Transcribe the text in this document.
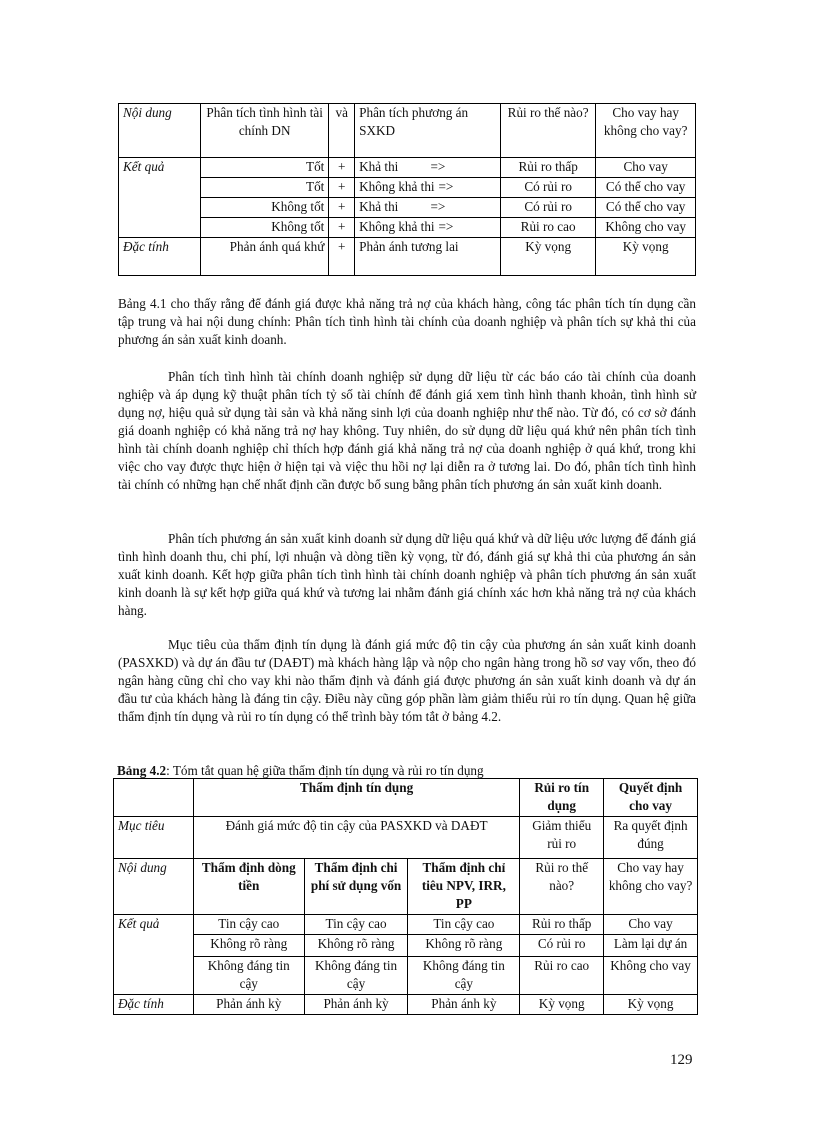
Nội dung	Phân tích tình hình tài chính DN	và	Phân tích phương án SXKD	Rủi ro thế nào?	Cho vay hay không cho vay?
Kết quả	Tốt	+	Khả thi =>	Rủi ro thấp	Cho vay
	Tốt	+	Không khả thi =>	Có rủi ro	Có thể cho vay
	Không tốt	+	Khả thi =>	Có rủi ro	Có thể cho vay
	Không tốt	+	Không khả thi =>	Rủi ro cao	Không cho vay
Đặc tính	Phản ánh quá khứ	+	Phản ánh tương lai	Kỳ vọng	Kỳ vọng

Bảng 4.1 cho thấy rằng để đánh giá được khả năng trả nợ của khách hàng, công tác phân tích tín dụng cần tập trung và hai nội dung chính: Phân tích tình hình tài chính của doanh nghiệp và phân tích sự khả thi của phương án sản xuất kinh doanh.

Phân tích tình hình tài chính doanh nghiệp sử dụng dữ liệu từ các báo cáo tài chính của doanh nghiệp và áp dụng kỹ thuật phân tích tỷ số tài chính để đánh giá xem tình hình thanh khoản, tình hình sử dụng nợ, hiệu quả sử dụng tài sản và khả năng sinh lợi của doanh nghiệp như thế nào. Từ đó, có cơ sở đánh giá doanh nghiệp có khả năng trả nợ hay không. Tuy nhiên, do sử dụng dữ liệu quá khứ nên phân tích tình hình tài chính doanh nghiệp chỉ thích hợp đánh giá khả năng trả nợ của doanh nghiệp ở quá khứ, trong khi việc cho vay được thực hiện ở hiện tại và việc thu hồi nợ lại diễn ra ở tương lai. Do đó, phân tích tình hình tài chính có những hạn chế nhất định cần được bổ sung bằng phân tích phương án sản xuất kinh doanh.

Phân tích phương án sản xuất kinh doanh sử dụng dữ liệu quá khứ và dữ liệu ước lượng để đánh giá tình hình doanh thu, chi phí, lợi nhuận và dòng tiền kỳ vọng, từ đó, đánh giá sự khả thi của phương án sản xuất kinh doanh. Kết hợp giữa phân tích tình hình tài chính doanh nghiệp và phân tích phương án sản xuất kinh doanh là sự kết hợp giữa quá khứ và tương lai nhằm đánh giá chính xác hơn khả năng trả nợ của khách hàng.

Mục tiêu của thẩm định tín dụng là đánh giá mức độ tin cậy của phương án sản xuất kinh doanh (PASXKD) và dự án đầu tư (DAĐT) mà khách hàng lập và nộp cho ngân hàng trong hồ sơ vay vốn, theo đó ngân hàng cũng chỉ cho vay khi nào thẩm định và đánh giá được phương án sản xuất kinh doanh và dự án đầu tư của khách hàng là đáng tin cậy. Điều này cũng góp phần làm giảm thiểu rủi ro tín dụng. Quan hệ giữa thẩm định tín dụng và rủi ro tín dụng có thể trình bày tóm tắt ở bảng 4.2.

Bảng 4.2: Tóm tắt quan hệ giữa thẩm định tín dụng và rủi ro tín dụng
	Thẩm định tín dụng			Rủi ro tín dụng	Quyết định cho vay
Mục tiêu	Đánh giá mức độ tin cậy của PASXKD và DAĐT			Giảm thiểu rủi ro	Ra quyết định đúng
Nội dung	Thẩm định dòng tiền	Thẩm định chi phí sử dụng vốn	Thẩm định chỉ tiêu NPV, IRR, PP	Rủi ro thế nào?	Cho vay hay không cho vay?
Kết quả	Tin cậy cao	Tin cậy cao	Tin cậy cao	Rủi ro thấp	Cho vay
	Không rõ ràng	Không rõ ràng	Không rõ ràng	Có rủi ro	Làm lại dự án
	Không đáng tin cậy	Không đáng tin cậy	Không đáng tin cậy	Rủi ro cao	Không cho vay
Đặc tính	Phản ánh kỳ	Phản ánh kỳ	Phản ánh kỳ	Kỳ vọng	Kỳ vọng
129
